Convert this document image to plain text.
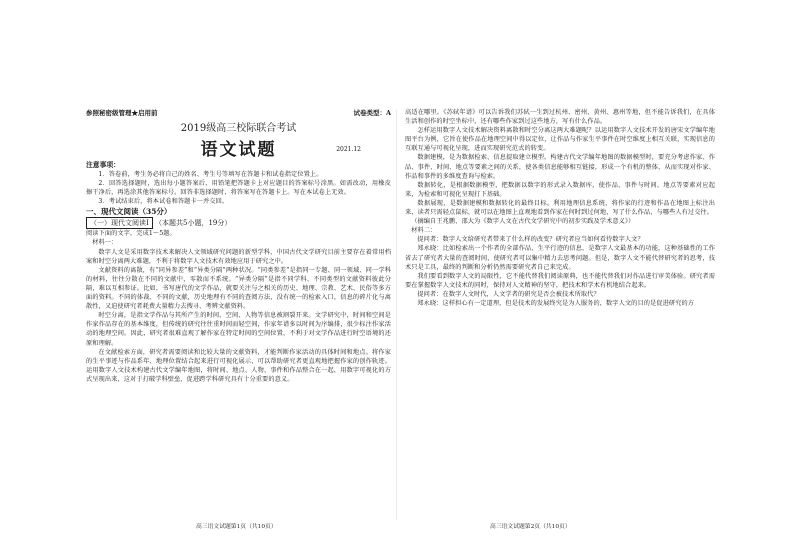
参照秘密级管理★启用前	试卷类型：A
2019级高三校际联合考试
语文试题	2021.12
注意事项：

1．答卷前，考生务必将自己的姓名、考生号等填写在答题卡和试卷指定位置上。

2．回答选择题时，选出每小题答案后，用铅笔把答题卡上对应题目的答案标号涂黑。如需改动，用橡皮擦干净后，再选涂其他答案标号。回答非选择题时，将答案写在答题卡上。写在本试卷上无效。

3．考试结束后，将本试卷和答题卡一并交回。

一、现代文阅读（35分）
（一）现代文阅读Ⅰ （本题共5小题，19分）
阅读下面的文字，完成1～5题。
材料一：

数字人文是采用数字技术来解决人文领域研究问题的新型学科，中国古代文学研究目前主要存在着常用档案和时空分离两大难题，不利于将数字人文技术有效地应用于研究之中。

文献资料的离散，有“同异参差”和“异类分隔”两种状况。“同类参差”是指同一专题、同一领域、同一学科的材料，往往分散在不同的文献中，零散而不系统。“异类分隔”是指不同学科、不同类型的文献资料彼此分隔，难以互相参证。比如，书写唐代的文学作品，就要关注与之相关的历史、地理、宗教、艺术、民俗等多方面的资料。不同的体裁、不同的文献，历史地理有不同的查阅方法，没有统一的检索入口，信息的碎片化与离散性，又迫使研究者耗费大量精力去搜寻、考辨文献资料。

时空分离，是指文学作品与其所产生的时间、空间、人物等信息被割裂开来。文学研究中，时间和空间是作家作品存在的基本维度，但传统的研究往往重时间而轻空间，作家年谱多以时间为序编排，很少标注作家活动的地理空间。因此，研究者很难直观了解作家在特定时间的空间位置，不利于对文学作品进行时空语境的还原和理解。

在文献检索方面，研究者需要阅读和比较大量的文献资料，才能判断作家活动的具体时间和地点。将作家的生平事迹与作品系年、地理位置结合起来进行可视化展示，可以帮助研究者更直观地把握作家的创作轨迹。运用数字人文技术构建古代文学编年地图，将时间、地点、人物、事件和作品整合在一起，用数字可视化的方式呈现出来，这对于打破学科壁垒、促进跨学科研究具有十分重要的意义。

高适在哪里。《苏轼年谱》可以告诉我们苏轼一生到过杭州、密州、黄州、惠州等地，但不能告诉我们，在具体生活和创作的时空坐标中，还有哪些作家到过这些地方，写有什么作品。

怎样运用数字人文技术解决资料离散和时空分离这两大难题呢？以运用数字人文技术开发的唐宋文学编年地图平台为例，它旨在使作品在地理空间中得以定位，让作品与作家生平事件在时空维度上相互关联，实现信息的互联互通与可视化呈现，进而实现研究范式的转变。

数据建模，是为数据检索、信息提取建立模型。构建古代文学编年地图的数据模型时，要充分考虑作家、作品、事件、时间、地点等要素之间的关系，使各类信息能够相互链接，形成一个有机的整体，从而实现对作家、作品和事件的多维度查询与检索。

数据转化，是根据数据模型，把数据以数字的形式录入数据库，使作品、事件与时间、地点等要素对应起来，为检索和可视化呈现打下基础。

数据展现，是数据建模和数据转化的最终目标。利用地理信息系统，将作家的行迹和作品在地图上标注出来，读者只需轻点鼠标，就可以在地图上直观地看到作家在何时到过何地，写了什么作品，与哪些人有过交往。

（摘编自王兆鹏、邵大为《数字人文在古代文学研究中的初步实践及学术意义》）

材料二：

提问者：数字人文给研究者带来了什么样的改变？研究者应当如何看待数字人文？

郑永晓：比如检索出一个作者的全部作品、生平行迹的信息，是数字人文最基本的功能，这种基础性的工作省去了研究者大量的查阅时间，使研究者可以集中精力去思考问题。但是，数字人文不能代替研究者的思考，技术只是工具，最终的判断和分析仍然需要研究者自己来完成。

我们要看到数字人文的局限性，它不能代替我们阅读原典，也不能代替我们对作品进行审美体验。研究者需要在掌握数字人文技术的同时，保持对人文精神的坚守，把技术和学术有机地结合起来。

提问者：在数字人文时代，人文学者的研究是否会被技术所取代？

郑永晓：这样担心有一定道理，但是技术的发展终究是为人服务的，数字人文的目的是促进研究的方

高三语文试题第1页（共10页）	高三语文试题第2页（共10页）
